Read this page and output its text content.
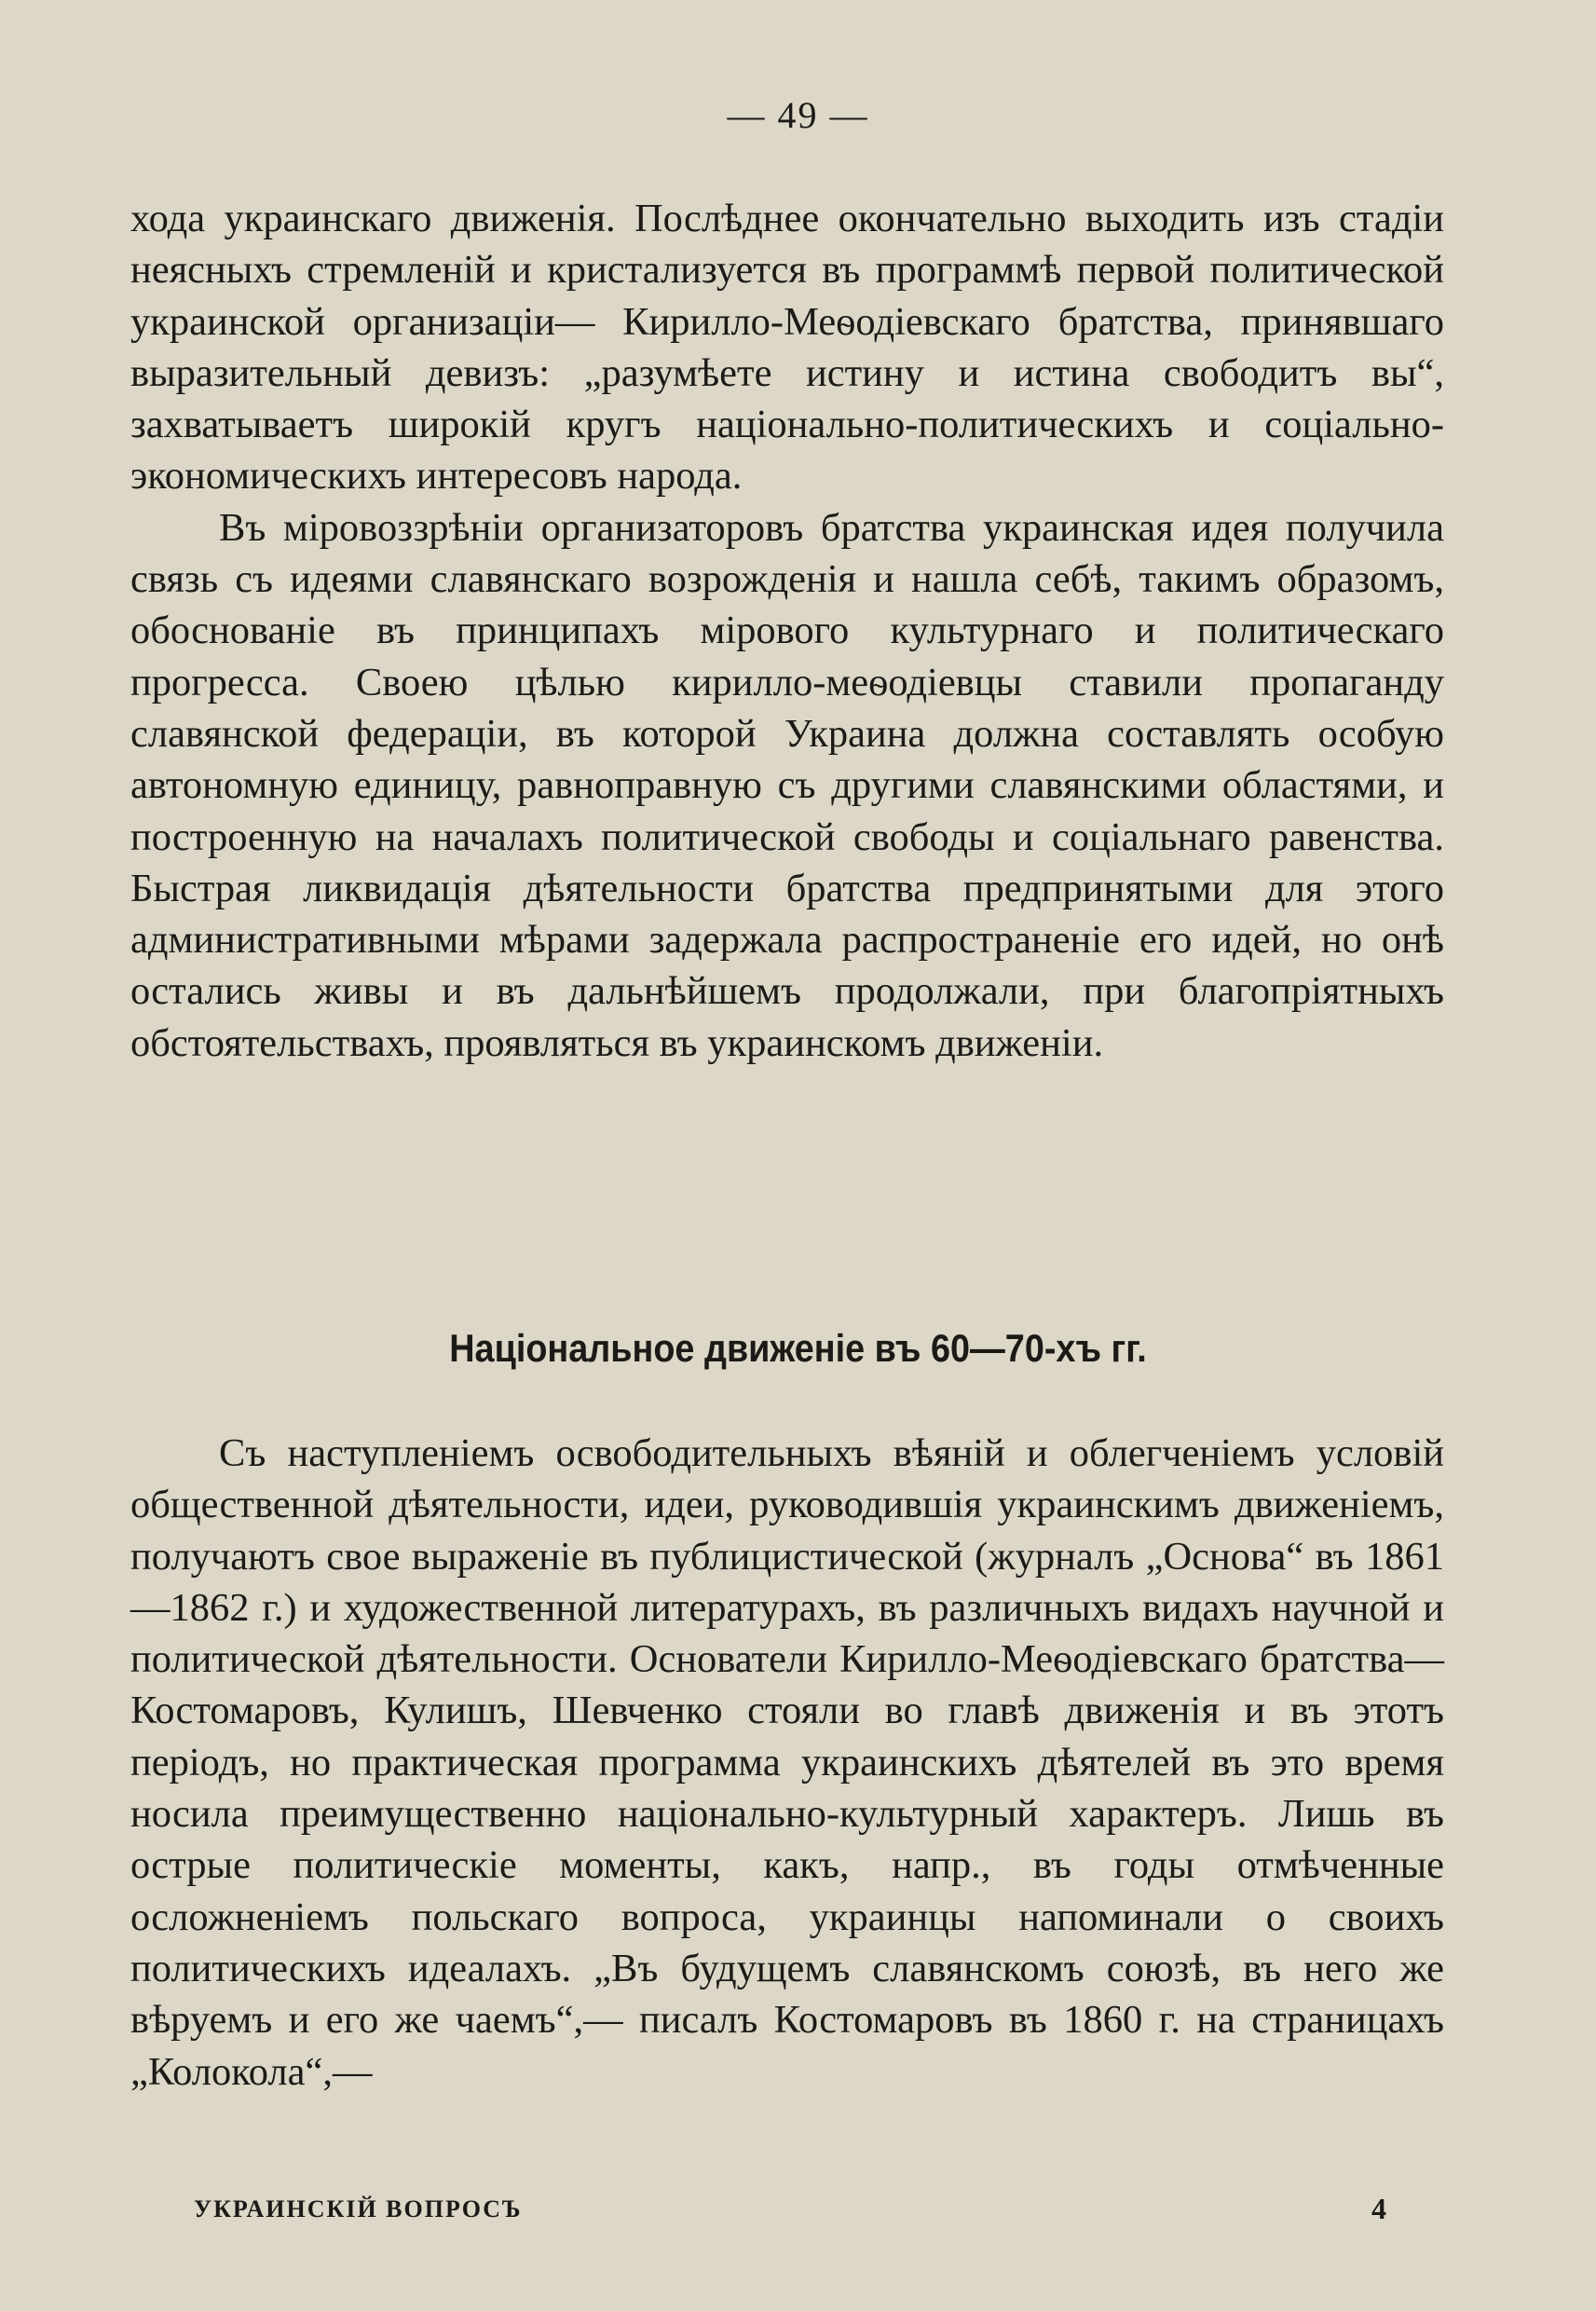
— 49 —

хода украинскаго движенія. Послѣднее окончательно выходить изъ стадіи неясныхъ стремленій и кристализуется въ программѣ первой политической украинской организаціи— Кирилло-Меѳодіевскаго братства, принявшаго выразительный девизъ: „разумѣете истину и истина свободитъ вы“, захватываетъ широкій кругъ національно-политическихъ и соціально-экономическихъ интересовъ народа.

Въ міровоззрѣніи организаторовъ братства украинская идея получила связь съ идеями славянскаго возрожденія и нашла себѣ, такимъ образомъ, обоснованіе въ принципахъ мірового культурнаго и политическаго прогресса. Своею цѣлью кирилло-меѳодіевцы ставили пропаганду славянской федераціи, въ которой Украина должна составлять особую автономную единицу, равноправную съ другими славянскими областями, и построенную на началахъ политической свободы и соціальнаго равенства. Быстрая ликвидація дѣятельности братства предпринятыми для этого административными мѣрами задержала распространеніе его идей, но онѣ остались живы и въ дальнѣйшемъ продолжали, при благопріятныхъ обстоятельствахъ, проявляться въ украинскомъ движеніи.

Національное движеніе въ 60—70-хъ гг.

Съ наступленіемъ освободительныхъ вѣяній и облегченіемъ условій общественной дѣятельности, идеи, руководившія украинскимъ движеніемъ, получаютъ свое выраженіе въ публицистической (журналъ „Основа“ въ 1861—1862 г.) и художественной литературахъ, въ различныхъ видахъ научной и политической дѣятельности. Основатели Кирилло-Меѳодіевскаго братства—Костомаровъ, Кулишъ, Шевченко стояли во главѣ движенія и въ этотъ періодъ, но практическая программа украинскихъ дѣятелей въ это время носила преимущественно національно-культурный характеръ. Лишь въ острые политическіе моменты, какъ, напр., въ годы отмѣченные осложненіемъ польскаго вопроса, украинцы напоминали о своихъ политическихъ идеалахъ. „Въ будущемъ славянскомъ союзѣ, въ него же вѣруемъ и его же чаемъ“,— писалъ Костомаровъ въ 1860 г. на страницахъ „Колокола“,—

УКРАИНСКІЙ ВОПРОСЪ	4
